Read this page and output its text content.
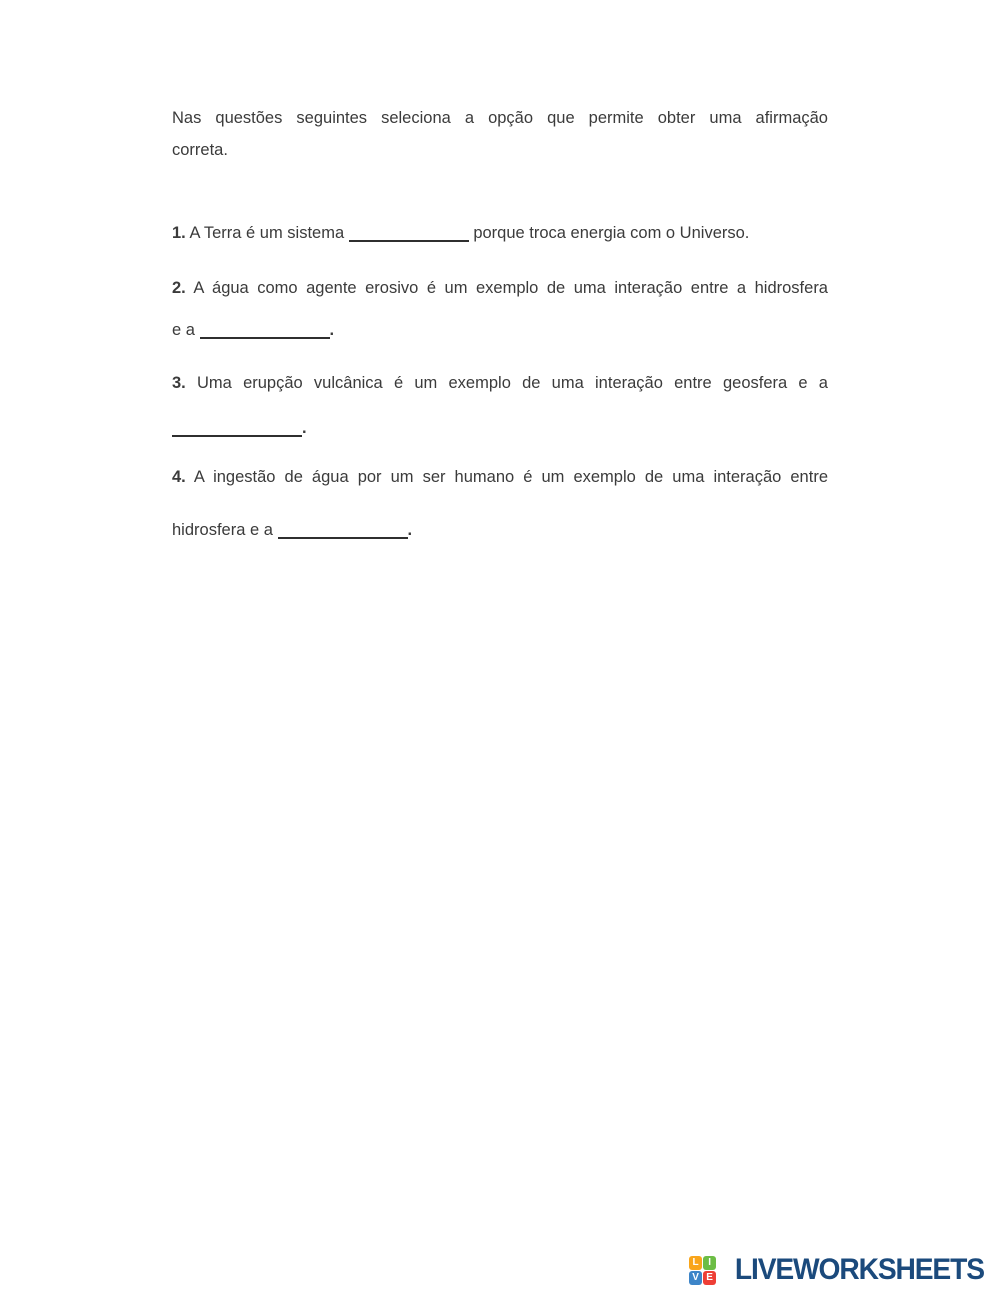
Nas questões seguintes seleciona a opção que permite obter uma afirmação
correta.
1. A Terra é um sistema	porque troca energia com o Universo.
2. A água como agente erosivo é um exemplo de uma interação entre a hidrosfera
e a	.
3. Uma erupção vulcânica é um exemplo de uma interação entre geosfera e a
.
4. A ingestão de água por um ser humano é um exemplo de uma interação entre
hidrosfera e a	.
L I
V E LIVEWORKSHEETS
